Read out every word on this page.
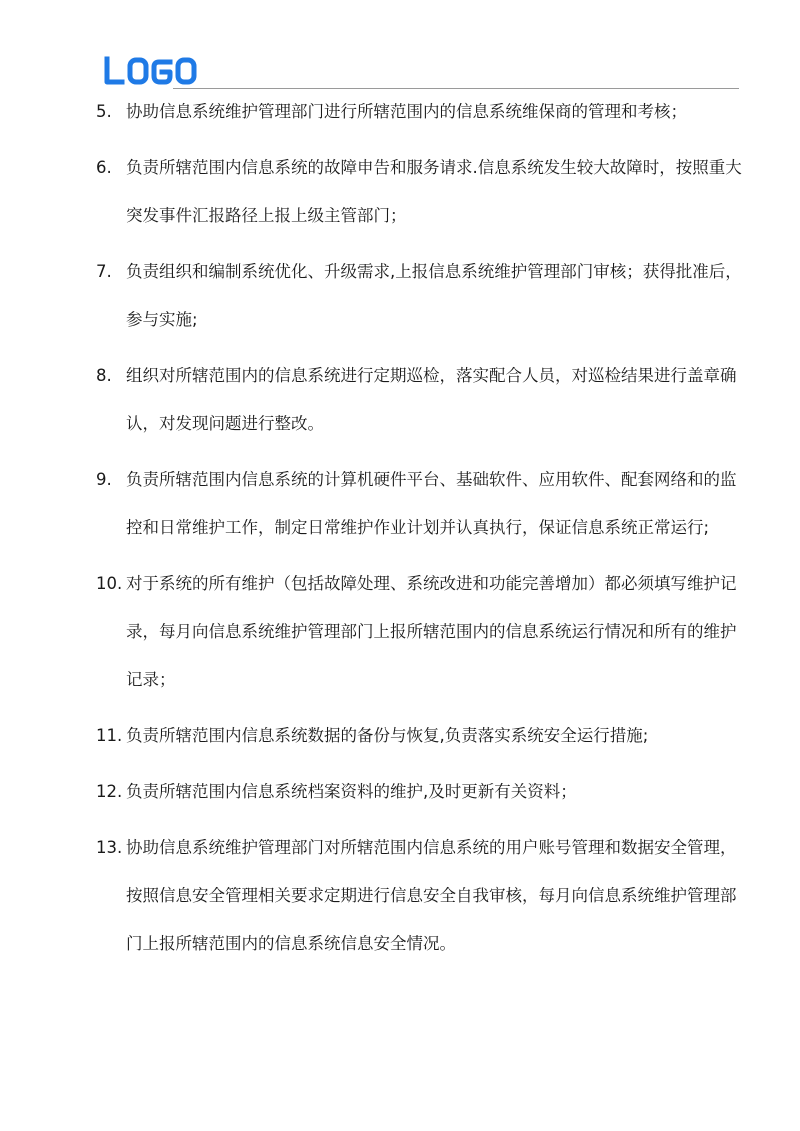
5. 协助信息系统维护管理部门进行所辖范围内的信息系统维保商的管理和考核；
6. 负责所辖范围内信息系统的故障申告和服务请求.信息系统发生较大故障时，按照重大突发事件汇报路径上报上级主管部门；
7. 负责组织和编制系统优化、升级需求,上报信息系统维护管理部门审核；获得批准后，参与实施;
8. 组织对所辖范围内的信息系统进行定期巡检，落实配合人员，对巡检结果进行盖章确认，对发现问题进行整改。
9. 负责所辖范围内信息系统的计算机硬件平台、基础软件、应用软件、配套网络和的监控和日常维护工作，制定日常维护作业计划并认真执行，保证信息系统正常运行;
10. 对于系统的所有维护（包括故障处理、系统改进和功能完善增加）都必须填写维护记录，每月向信息系统维护管理部门上报所辖范围内的信息系统运行情况和所有的维护记录；
11. 负责所辖范围内信息系统数据的备份与恢复,负责落实系统安全运行措施;
12. 负责所辖范围内信息系统档案资料的维护,及时更新有关资料；
13. 协助信息系统维护管理部门对所辖范围内信息系统的用户账号管理和数据安全管理，按照信息安全管理相关要求定期进行信息安全自我审核，每月向信息系统维护管理部门上报所辖范围内的信息系统信息安全情况。
